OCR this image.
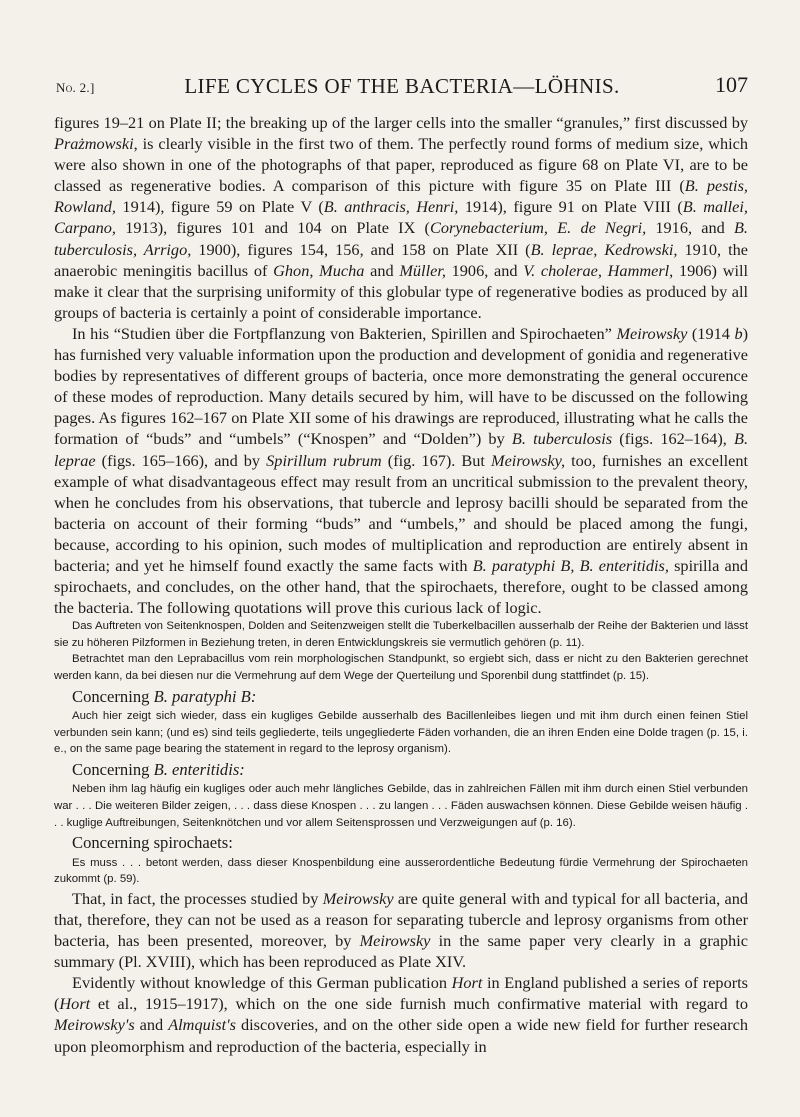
No. 2.]	LIFE CYCLES OF THE BACTERIA—LÖHNIS.	107

figures 19–21 on Plate II; the breaking up of the larger cells into the smaller “granules,” first discussed by Prażmowski, is clearly visible in the first two of them. The perfectly round forms of medium size, which were also shown in one of the photographs of that paper, reproduced as figure 68 on Plate VI, are to be classed as regenerative bodies. A comparison of this picture with figure 35 on Plate III (B. pestis, Rowland, 1914), figure 59 on Plate V (B. anthracis, Henri, 1914), figure 91 on Plate VIII (B. mallei, Carpano, 1913), figures 101 and 104 on Plate IX (Corynebacterium, E. de Negri, 1916, and B. tuberculosis, Arrigo, 1900), figures 154, 156, and 158 on Plate XII (B. leprae, Kedrowski, 1910, the anaerobic meningitis bacillus of Ghon, Mucha and Müller, 1906, and V. cholerae, Hammerl, 1906) will make it clear that the surprising uniformity of this globular type of regenerative bodies as produced by all groups of bacteria is certainly a point of considerable importance.

In his “Studien über die Fortpflanzung von Bakterien, Spirillen and Spirochaeten” Meirowsky (1914 b) has furnished very valuable information upon the production and development of gonidia and regenerative bodies by representatives of different groups of bacteria, once more demonstrating the general occurence of these modes of reproduction. Many details secured by him, will have to be discussed on the following pages. As figures 162–167 on Plate XII some of his drawings are reproduced, illustrating what he calls the formation of “buds” and “umbels” (“Knospen” and “Dolden”) by B. tuberculosis (figs. 162–164), B. leprae (figs. 165–166), and by Spirillum rubrum (fig. 167). But Meirowsky, too, furnishes an excellent example of what disadvantageous effect may result from an uncritical submission to the prevalent theory, when he concludes from his observations, that tubercle and leprosy bacilli should be separated from the bacteria on account of their forming “buds” and “umbels,” and should be placed among the fungi, because, according to his opinion, such modes of multiplication and reproduction are entirely absent in bacteria; and yet he himself found exactly the same facts with B. paratyphi B, B. enteritidis, spirilla and spirochaets, and concludes, on the other hand, that the spirochaets, therefore, ought to be classed among the bacteria. The following quotations will prove this curious lack of logic.

Das Auftreten von Seitenknospen, Dolden and Seitenzweigen stellt die Tuberkelbacillen ausserhalb der Reihe der Bakterien und lässt sie zu höheren Pilzformen in Beziehung treten, in deren Entwicklungskreis sie vermutlich gehören (p. 11).

Betrachtet man den Leprabacillus vom rein morphologischen Standpunkt, so ergiebt sich, dass er nicht zu den Bakterien gerechnet werden kann, da bei diesen nur die Vermehrung auf dem Wege der Querteilung und Sporenbil dung stattfindet (p. 15).

Concerning B. paratyphi B:

Auch hier zeigt sich wieder, dass ein kugliges Gebilde ausserhalb des Bacillenleibes liegen und mit ihm durch einen feinen Stiel verbunden sein kann; (und es) sind teils gegliederte, teils ungegliederte Fäden vorhanden, die an ihren Enden eine Dolde tragen (p. 15, i. e., on the same page bearing the statement in regard to the leprosy organism).

Concerning B. enteritidis:

Neben ihm lag häufig ein kugliges oder auch mehr längliches Gebilde, das in zahlreichen Fällen mit ihm durch einen Stiel verbunden war . . . Die weiteren Bilder zeigen, . . . dass diese Knospen . . . zu langen . . . Fäden auswachsen können. Diese Gebilde weisen häufig . . . kuglige Auftreibungen, Seitenknötchen und vor allem Seitensprossen und Verzweigungen auf (p. 16).

Concerning spirochaets:

Es muss . . . betont werden, dass dieser Knospenbildung eine ausserordentliche Bedeutung fürdie Vermehrung der Spirochaeten zukommt (p. 59).

That, in fact, the processes studied by Meirowsky are quite general with and typical for all bacteria, and that, therefore, they can not be used as a reason for separating tubercle and leprosy organisms from other bacteria, has been presented, moreover, by Meirowsky in the same paper very clearly in a graphic summary (Pl. XVIII), which has been reproduced as Plate XIV.

Evidently without knowledge of this German publication Hort in England published a series of reports (Hort et al., 1915–1917), which on the one side furnish much confirmative material with regard to Meirowsky's and Almquist's discoveries, and on the other side open a wide new field for further research upon pleomorphism and reproduction of the bacteria, especially in
